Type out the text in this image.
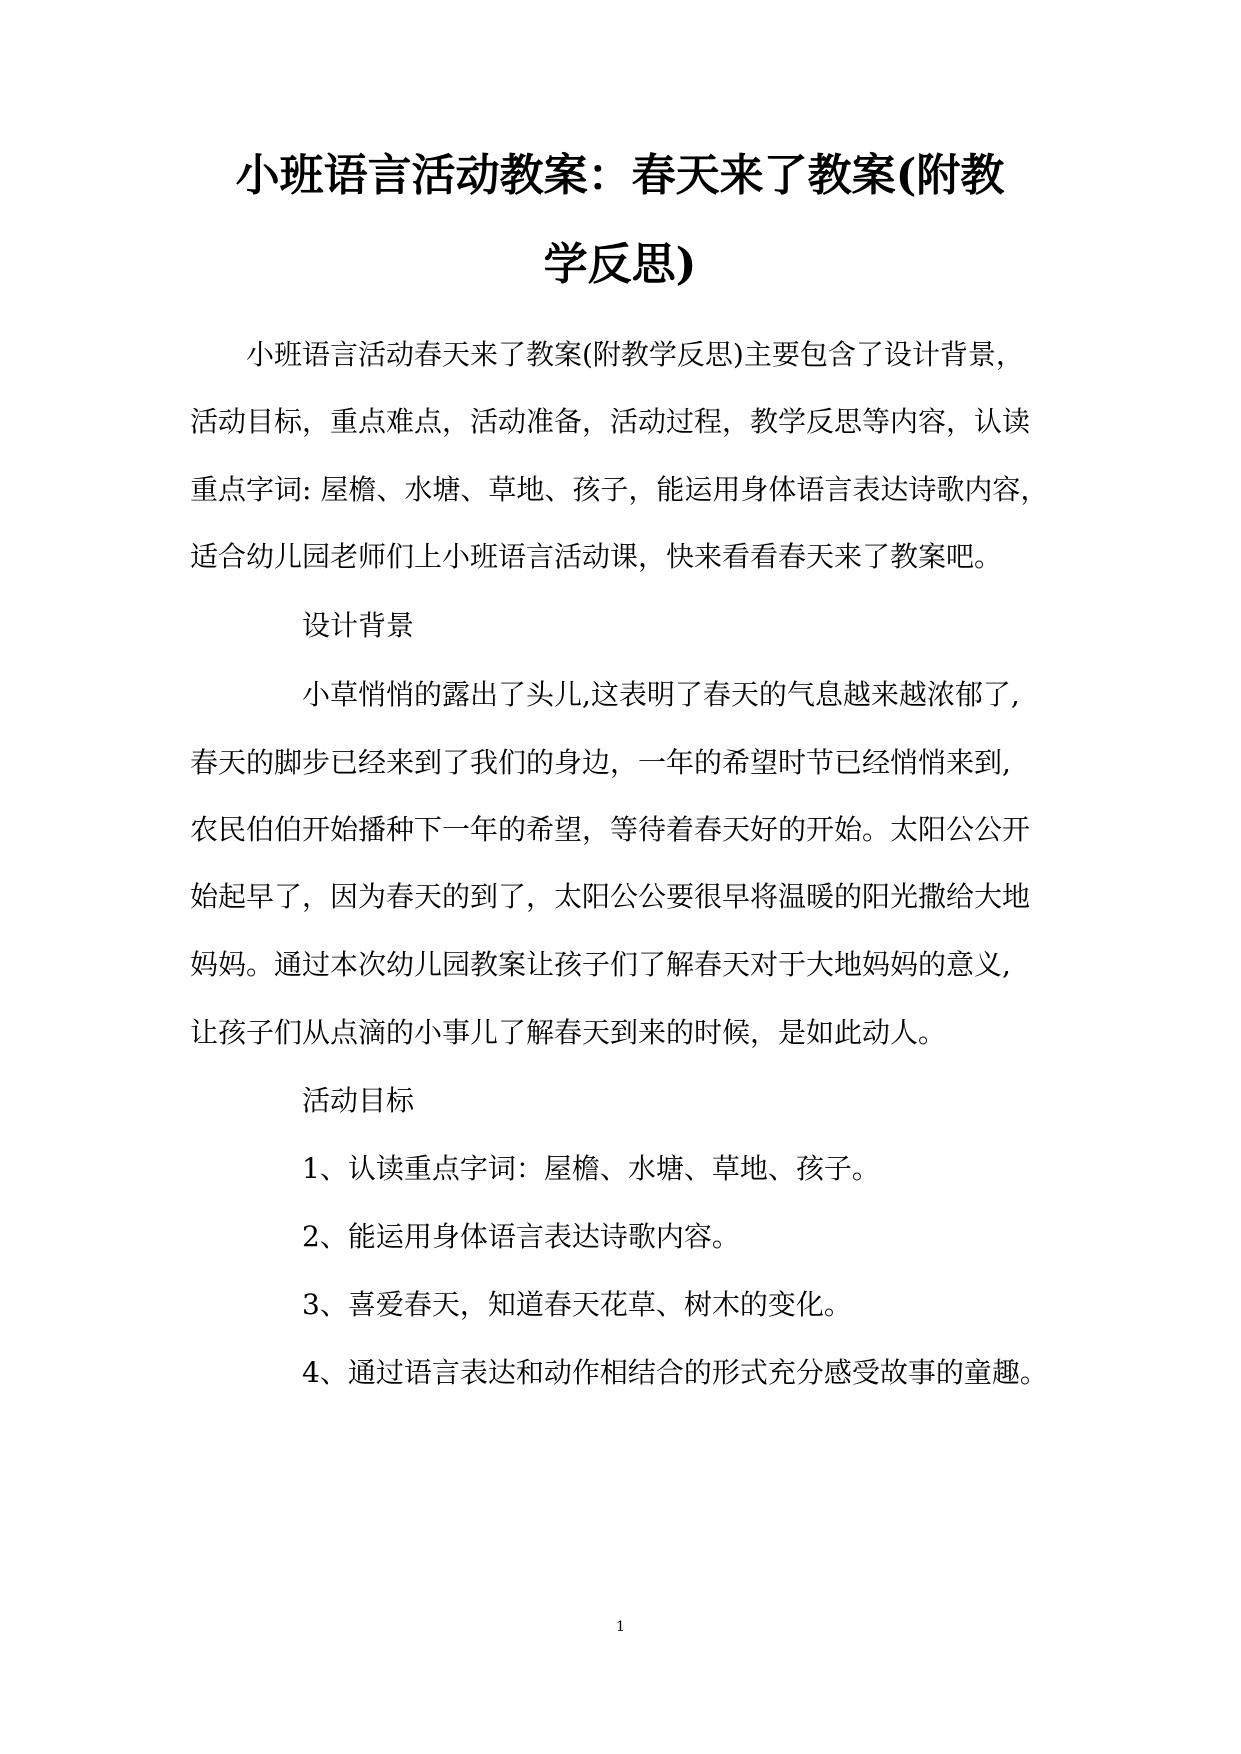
小班语言活动教案：春天来了教案(附教
学反思)
小班语言活动春天来了教案(附教学反思)主要包含了设计背景，
活动目标，重点难点，活动准备，活动过程，教学反思等内容，认读
重点字词: 屋檐、水塘、草地、孩子，能运用身体语言表达诗歌内容，
适合幼儿园老师们上小班语言活动课，快来看看春天来了教案吧。
设计背景
小草悄悄的露出了头儿,这表明了春天的气息越来越浓郁了,
春天的脚步已经来到了我们的身边，一年的希望时节已经悄悄来到,
农民伯伯开始播种下一年的希望，等待着春天好的开始。太阳公公开
始起早了，因为春天的到了，太阳公公要很早将温暖的阳光撒给大地
妈妈。通过本次幼儿园教案让孩子们了解春天对于大地妈妈的意义,
让孩子们从点滴的小事儿了解春天到来的时候，是如此动人。
活动目标
1、认读重点字词：屋檐、水塘、草地、孩子。
2、能运用身体语言表达诗歌内容。
3、喜爱春天，知道春天花草、树木的变化。
4、通过语言表达和动作相结合的形式充分感受故事的童趣。
1
